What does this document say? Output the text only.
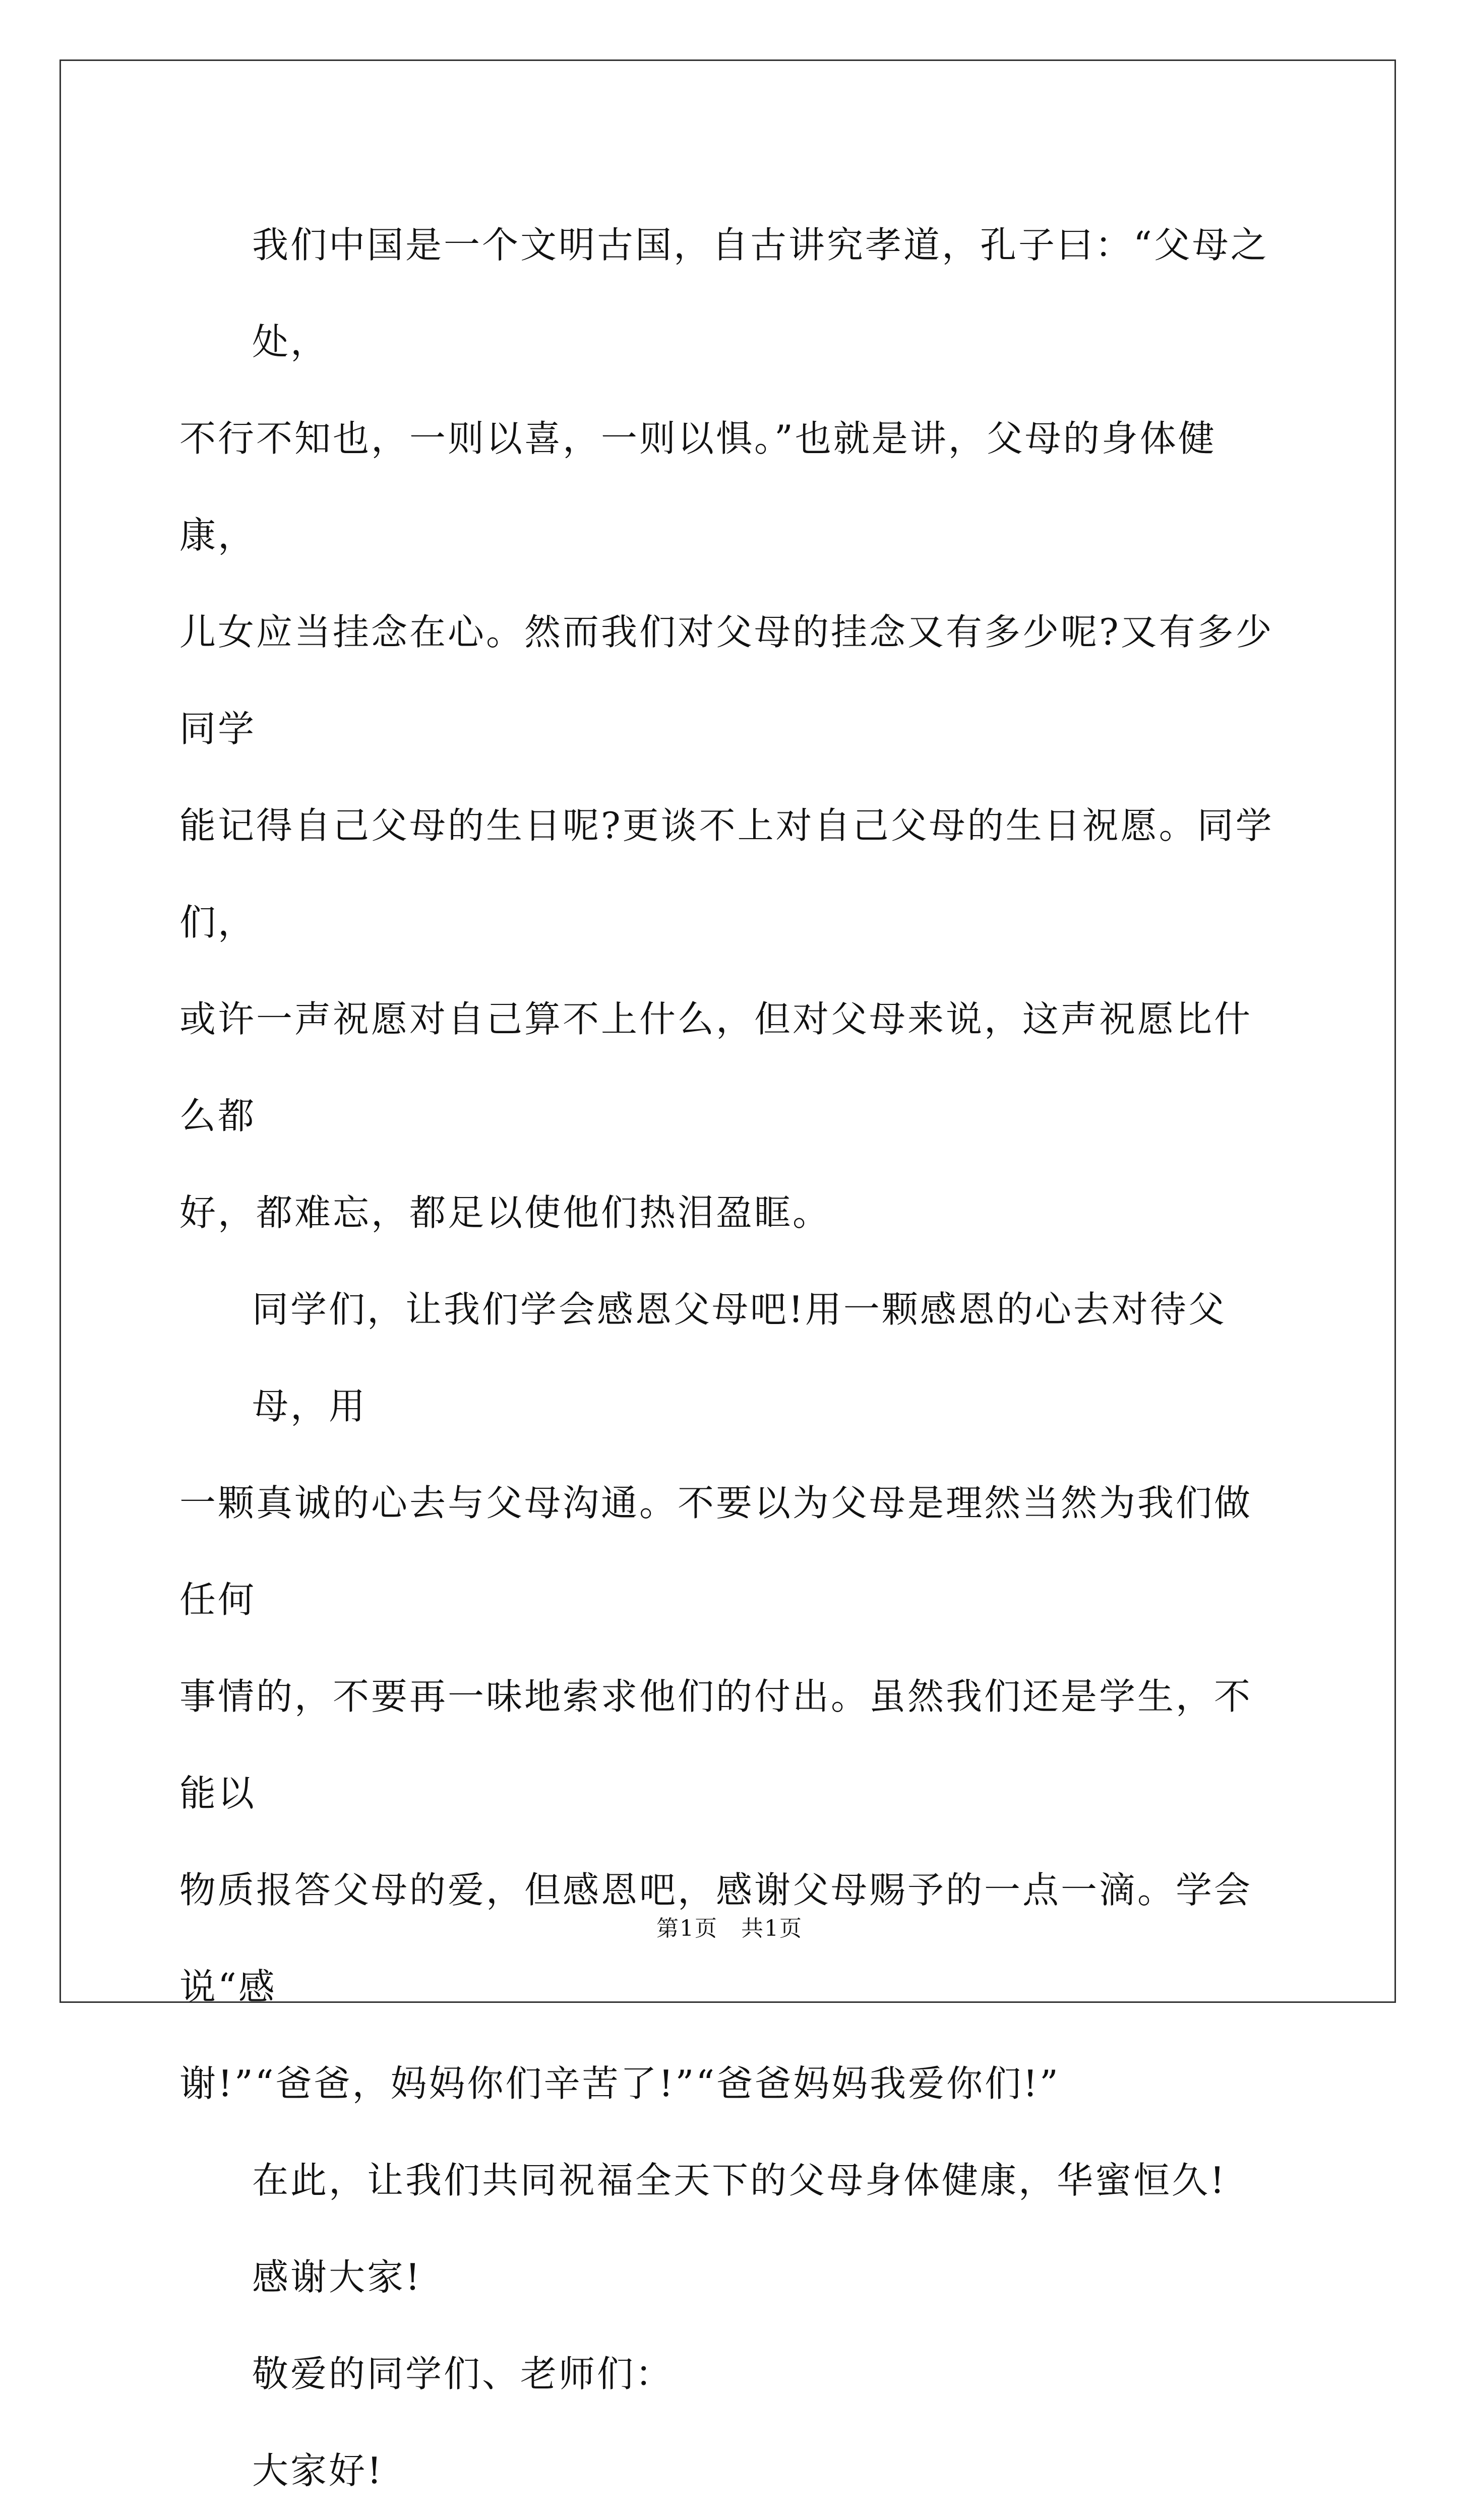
我们中国是一个文明古国，自古讲究孝道，孔子曰：“父母之处，
不行不知也，一则以喜，一则以惧。”也就是讲，父母的身体健康，
儿女应当挂念在心。然而我们对父母的挂念又有多少呢?又有多少同学
能记得自己父母的生日呢?更谈不上对自己父母的生日祝愿。同学们，
或许一声祝愿对自己算不上什么，但对父母来说，这声祝愿比什么都
好，都难忘，都足以使他们热泪盈眶。
同学们，让我们学会感恩父母吧!用一颗感恩的心去对待父母，用
一颗真诚的心去与父母沟通。不要以为父母是理然当然为我们做任何
事情的，不要再一味地索求他们的付出。虽然我们还是学生，不能以
物质报答父母的爱，但感恩吧，感谢父母赐予的一点一滴。学会说“感
谢!”“爸爸，妈妈你们辛苦了!”“爸爸妈妈我爱你们!”

在此，让我们共同祝福全天下的父母身体健康，华蜜恒久!

感谢大家!

敬爱的同学们、老师们：

大家好!

第1页　共1页
